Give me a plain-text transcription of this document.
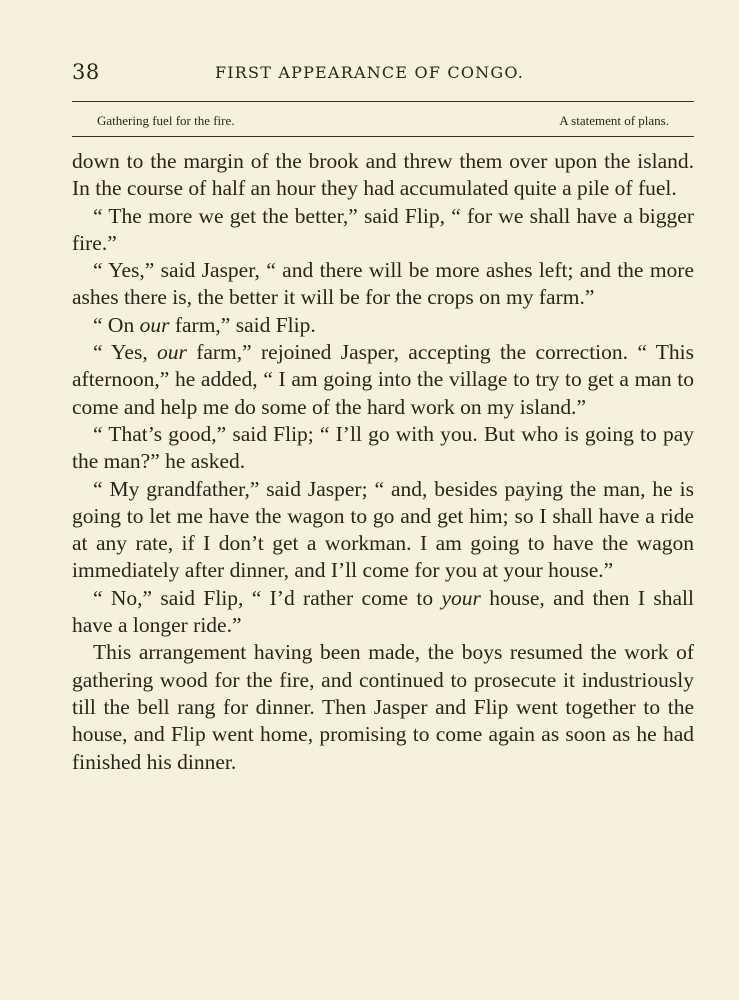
38	FIRST APPEARANCE OF CONGO.
Gathering fuel for the fire.	A statement of plans.

down to the margin of the brook and threw them over upon the island. In the course of half an hour they had accumulated quite a pile of fuel.

“ The more we get the better,” said Flip, “ for we shall have a bigger fire.”

“ Yes,” said Jasper, “ and there will be more ashes left; and the more ashes there is, the better it will be for the crops on my farm.”

“ On our farm,” said Flip.

“ Yes, our farm,” rejoined Jasper, accepting the correction. “ This afternoon,” he added, “ I am going into the village to try to get a man to come and help me do some of the hard work on my island.”

“ That’s good,” said Flip; “ I’ll go with you. But who is going to pay the man?” he asked.

“ My grandfather,” said Jasper; “ and, besides paying the man, he is going to let me have the wagon to go and get him; so I shall have a ride at any rate, if I don’t get a workman. I am going to have the wagon immediately after dinner, and I’ll come for you at your house.”

“ No,” said Flip, “ I’d rather come to your house, and then I shall have a longer ride.”

This arrangement having been made, the boys resumed the work of gathering wood for the fire, and continued to prosecute it industriously till the bell rang for dinner. Then Jasper and Flip went together to the house, and Flip went home, promising to come again as soon as he had finished his dinner.
